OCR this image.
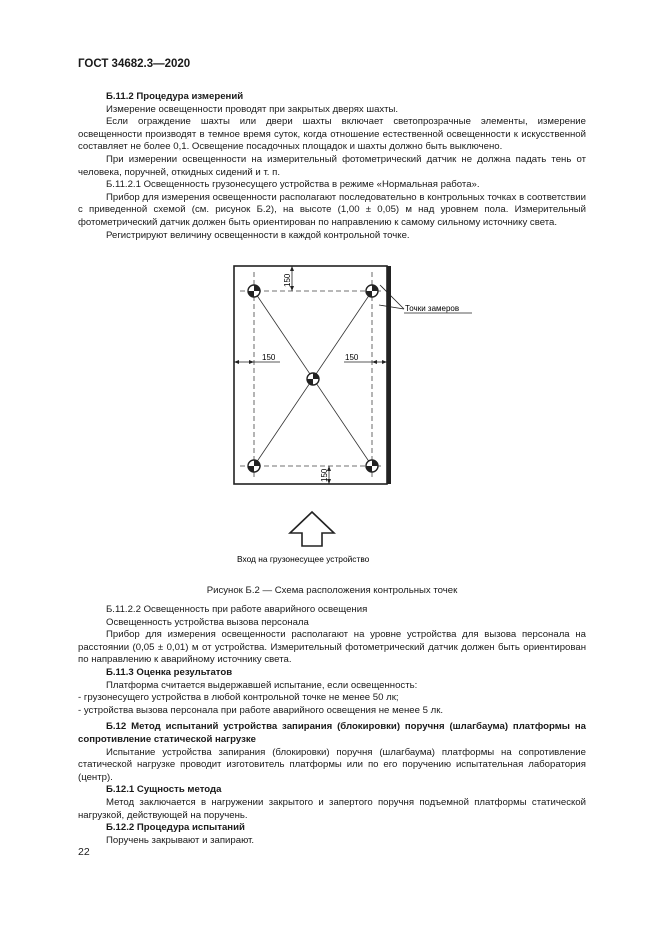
ГОСТ 34682.3—2020

Б.11.2 Процедура измерений

Измерение освещенности проводят при закрытых дверях шахты.

Если ограждение шахты или двери шахты включает светопрозрачные элементы, измерение освещенности производят в темное время суток, когда отношение естественной освещенности к искусственной составляет не более 0,1. Освещение посадочных площадок и шахты должно быть выключено.

При измерении освещенности на измерительный фотометрический датчик не должна падать тень от человека, поручней, откидных сидений и т. п.

Б.11.2.1 Освещенность грузонесущего устройства в режиме «Нормальная работа».

Прибор для измерения освещенности располагают последовательно в контрольных точках в соответствии с приведенной схемой (см. рисунок Б.2), на высоте (1,00 ± 0,05) м над уровнем пола. Измерительный фотометрический датчик должен быть ориентирован по направлению к самому сильному источнику света.

Регистрируют величину освещенности в каждой контрольной точке.

150
150	150
150
Точки замеров
Вход на грузонесущее устройство
Рисунок Б.2 — Схема расположения контрольных точек

Б.11.2.2 Освещенность при работе аварийного освещения

Освещенность устройства вызова персонала

Прибор для измерения освещенности располагают на уровне устройства для вызова персонала на расстоянии (0,05 ± 0,01) м от устройства. Измерительный фотометрический датчик должен быть ориентирован по направлению к аварийному источнику света.

Б.11.3 Оценка результатов

Платформа считается выдержавшей испытание, если освещенность:

- грузонесущего устройства в любой контрольной точке не менее 50 лк;

- устройства вызова персонала при работе аварийного освещения не менее 5 лк.

Б.12 Метод испытаний устройства запирания (блокировки) поручня (шлагбаума) платформы на сопротивление статической нагрузке

Испытание устройства запирания (блокировки) поручня (шлагбаума) платформы на сопротивление статической нагрузке проводит изготовитель платформы или по его поручению испытательная лаборатория (центр).

Б.12.1 Сущность метода

Метод заключается в нагружении закрытого и запертого поручня подъемной платформы статической нагрузкой, действующей на поручень.

Б.12.2 Процедура испытаний

Поручень закрывают и запирают.

22
